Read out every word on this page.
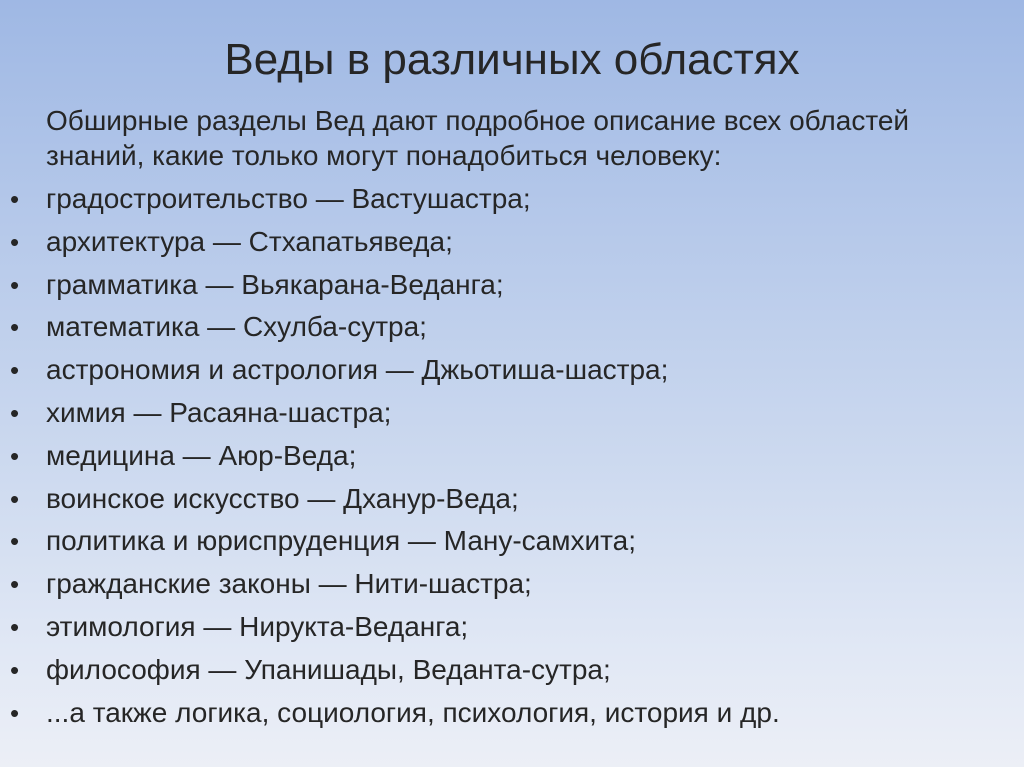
Веды в различных областях
Обширные разделы Вед дают подробное описание всех областей знаний, какие только могут понадобиться человеку:
• градостроительство — Вастушастра;
• архитектура — Стхапатьяведа;
• грамматика — Вьякарана-Веданга;
• математика — Схулба-сутра;
• астрономия и астрология — Джьотиша-шастра;
• химия — Расаяна-шастра;
• медицина — Аюр-Веда;
• воинское искусство — Дханур-Веда;
• политика и юриспруденция — Ману-самхита;
• гражданские законы — Нити-шастра;
• этимология — Нирукта-Веданга;
• философия — Упанишады, Веданта-сутра;
• ...а также логика, социология, психология, история и др.
